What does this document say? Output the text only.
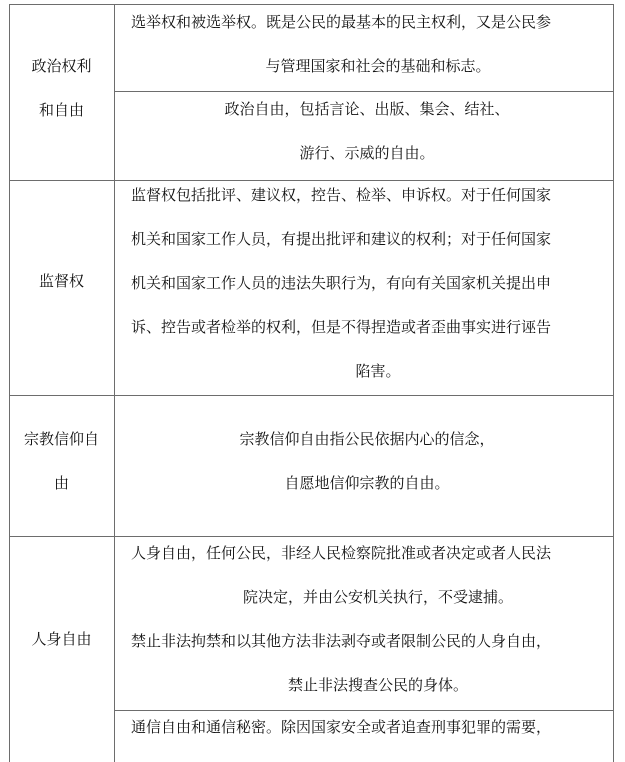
政治权利
和自由
选举权和被选举权。既是公民的最基本的民主权利，又是公民参
与管理国家和社会的基础和标志。
政治自由，包括言论、出版、集会、结社、
游行、示威的自由。
监督权
监督权包括批评、建议权，控告、检举、申诉权。对于任何国家
机关和国家工作人员，有提出批评和建议的权利；对于任何国家
机关和国家工作人员的违法失职行为，有向有关国家机关提出申
诉、控告或者检举的权利，但是不得捏造或者歪曲事实进行诬告
陷害。
宗教信仰自
由
宗教信仰自由指公民依据内心的信念，
自愿地信仰宗教的自由。
人身自由
人身自由，任何公民，非经人民检察院批准或者决定或者人民法
院决定，并由公安机关执行，不受逮捕。
禁止非法拘禁和以其他方法非法剥夺或者限制公民的人身自由，
禁止非法搜查公民的身体。
通信自由和通信秘密。除因国家安全或者追查刑事犯罪的需要，
